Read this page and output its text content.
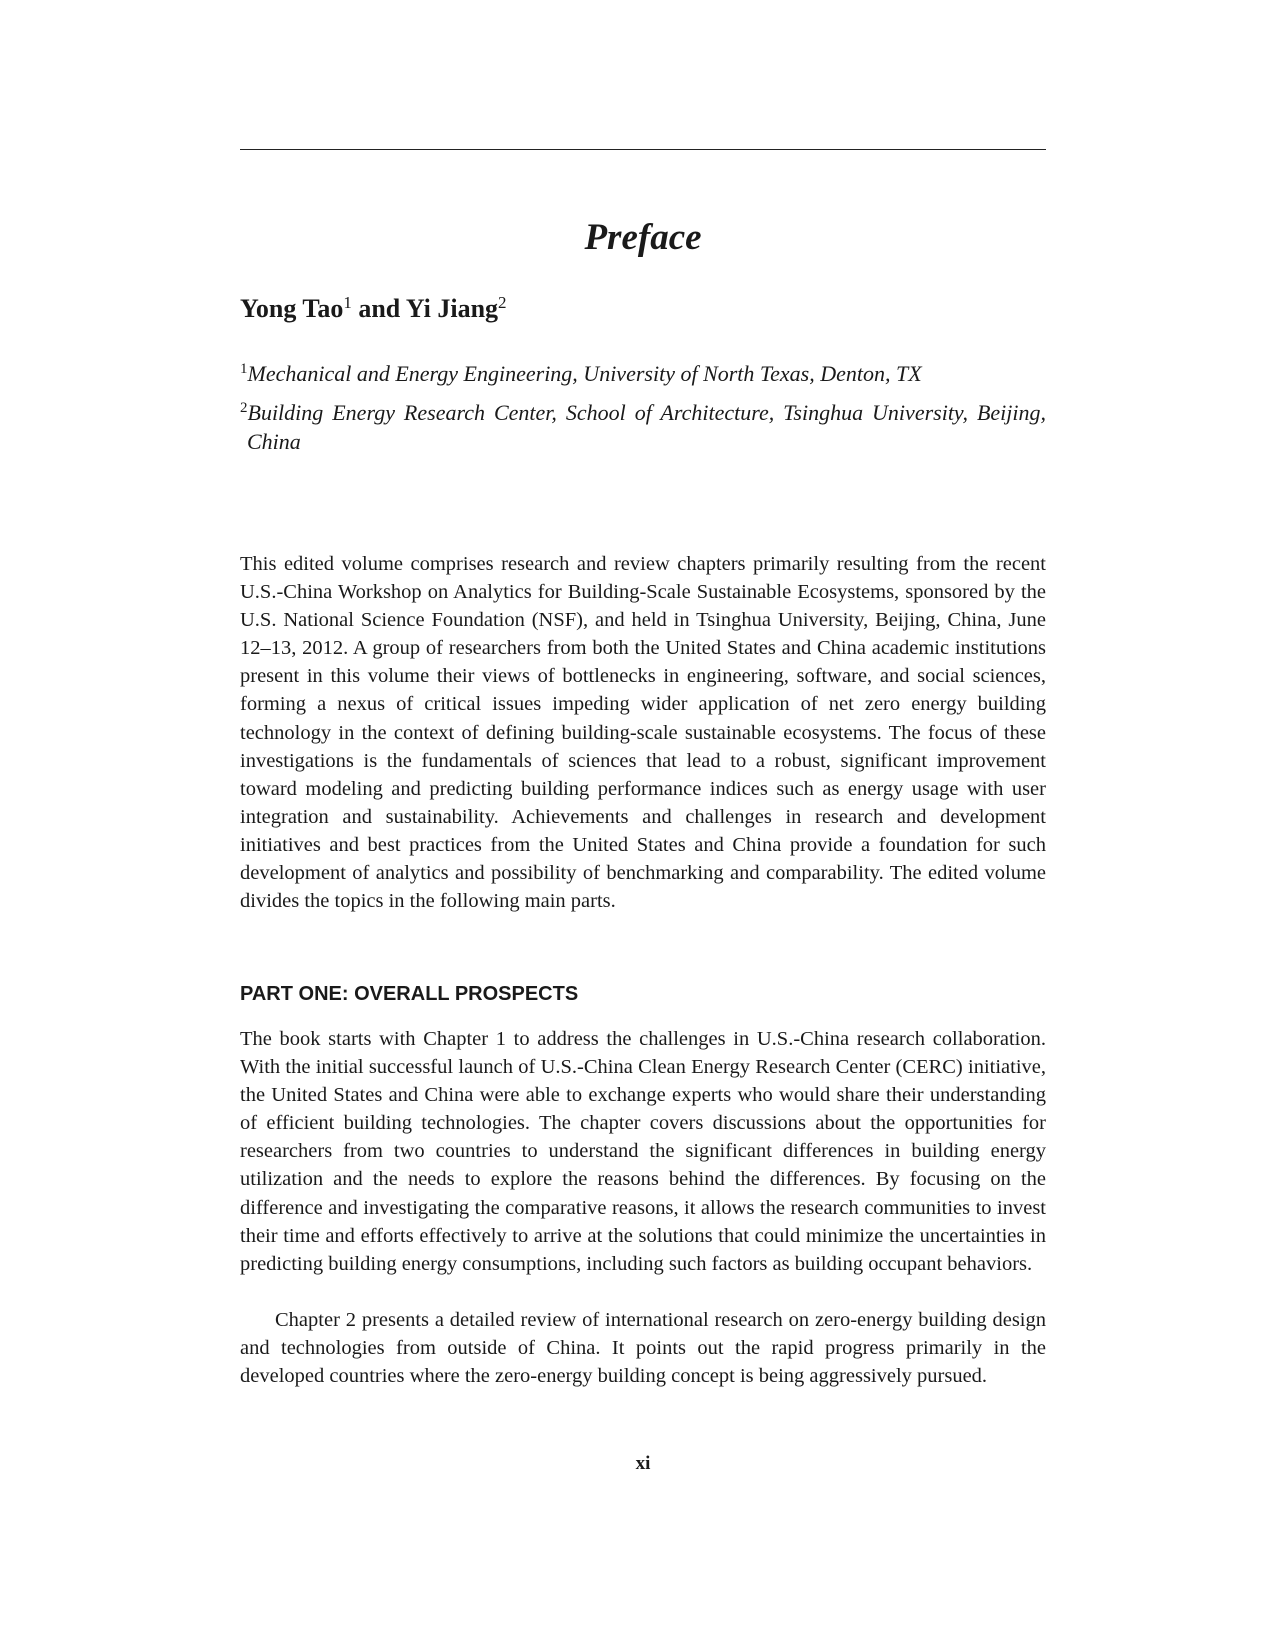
Preface

Yong Tao$^1$ and Yi Jiang$^2$

$^1$Mechanical and Energy Engineering, University of North Texas, Denton, TX

$^2$Building Energy Research Center, School of Architecture, Tsinghua University, Beijing, China

This edited volume comprises research and review chapters primarily resulting from the recent U.S.-China Workshop on Analytics for Building-Scale Sustainable Ecosystems, sponsored by the U.S. National Science Foundation (NSF), and held in Tsinghua University, Beijing, China, June 12–13, 2012. A group of researchers from both the United States and China academic institutions present in this volume their views of bottlenecks in engineering, software, and social sciences, forming a nexus of critical issues impeding wider application of net zero energy building technology in the context of defining building-scale sustainable ecosystems. The focus of these investigations is the fundamentals of sciences that lead to a robust, significant improvement toward modeling and predicting building performance indices such as energy usage with user integration and sustainability. Achievements and challenges in research and development initiatives and best practices from the United States and China provide a foundation for such development of analytics and possibility of benchmarking and comparability. The edited volume divides the topics in the following main parts.

PART ONE: OVERALL PROSPECTS

The book starts with Chapter 1 to address the challenges in U.S.-China research collaboration. With the initial successful launch of U.S.-China Clean Energy Research Center (CERC) initiative, the United States and China were able to exchange experts who would share their understanding of efficient building technologies. The chapter covers discussions about the opportunities for researchers from two countries to understand the significant differences in building energy utilization and the needs to explore the reasons behind the differences. By focusing on the difference and investigating the comparative reasons, it allows the research communities to invest their time and efforts effectively to arrive at the solutions that could minimize the uncertainties in predicting building energy consumptions, including such factors as building occupant behaviors.

Chapter 2 presents a detailed review of international research on zero-energy building design and technologies from outside of China. It points out the rapid progress primarily in the developed countries where the zero-energy building concept is being aggressively pursued.

xi
